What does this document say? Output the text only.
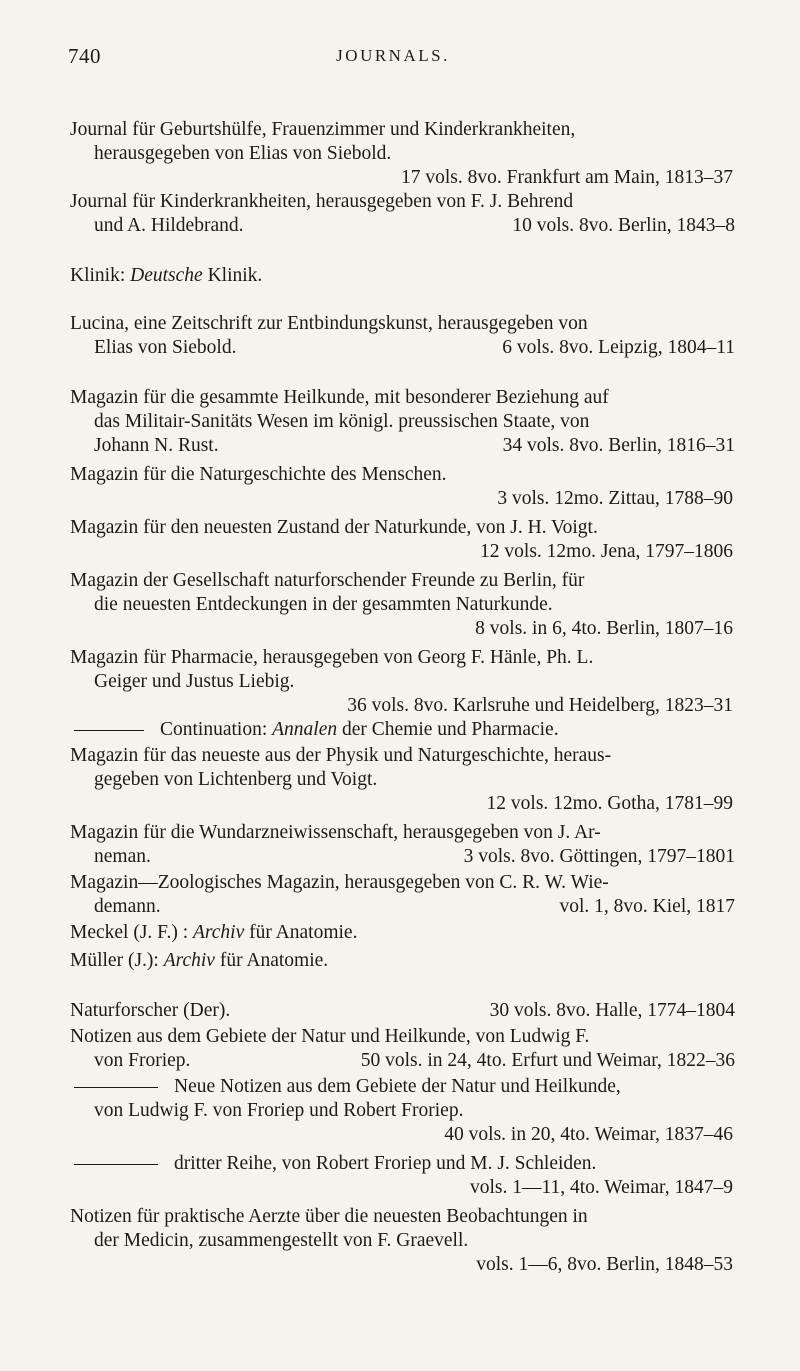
740	JOURNALS.
Journal für Geburtshülfe, Frauenzimmer und Kinderkrankheiten,
herausgegeben von Elias von Siebold.
17 vols. 8vo. Frankfurt am Main, 1813–37
Journal für Kinderkrankheiten, herausgegeben von F. J. Behrend
und A. Hildebrand.	10 vols. 8vo. Berlin, 1843–8
Klinik: Deutsche Klinik.
Lucina, eine Zeitschrift zur Entbindungskunst, herausgegeben von
Elias von Siebold.	6 vols. 8vo. Leipzig, 1804–11
Magazin für die gesammte Heilkunde, mit besonderer Beziehung auf
das Militair-Sanitäts Wesen im königl. preussischen Staate, von
Johann N. Rust.	34 vols. 8vo. Berlin, 1816–31
Magazin für die Naturgeschichte des Menschen.
3 vols. 12mo. Zittau, 1788–90
Magazin für den neuesten Zustand der Naturkunde, von J. H. Voigt.
12 vols. 12mo. Jena, 1797–1806
Magazin der Gesellschaft naturforschender Freunde zu Berlin, für
die neuesten Entdeckungen in der gesammten Naturkunde.
8 vols. in 6, 4to. Berlin, 1807–16
Magazin für Pharmacie, herausgegeben von Georg F. Hänle, Ph. L.
Geiger und Justus Liebig.
36 vols. 8vo. Karlsruhe und Heidelberg, 1823–31
Continuation: Annalen der Chemie und Pharmacie.
Magazin für das neueste aus der Physik und Naturgeschichte, heraus-
gegeben von Lichtenberg und Voigt.
12 vols. 12mo. Gotha, 1781–99
Magazin für die Wundarzneiwissenschaft, herausgegeben von J. Ar-
neman.	3 vols. 8vo. Göttingen, 1797–1801
Magazin—Zoologisches Magazin, herausgegeben von C. R. W. Wie-
demann.	vol. 1, 8vo. Kiel, 1817
Meckel (J. F.) : Archiv für Anatomie.
Müller (J.): Archiv für Anatomie.
Naturforscher (Der).	30 vols. 8vo. Halle, 1774–1804
Notizen aus dem Gebiete der Natur und Heilkunde, von Ludwig F.
von Froriep.	50 vols. in 24, 4to. Erfurt und Weimar, 1822–36
Neue Notizen aus dem Gebiete der Natur und Heilkunde,
von Ludwig F. von Froriep und Robert Froriep.
40 vols. in 20, 4to. Weimar, 1837–46
dritter Reihe, von Robert Froriep und M. J. Schleiden.
vols. 1—11, 4to. Weimar, 1847–9
Notizen für praktische Aerzte über die neuesten Beobachtungen in
der Medicin, zusammengestellt von F. Graevell.
vols. 1—6, 8vo. Berlin, 1848–53
